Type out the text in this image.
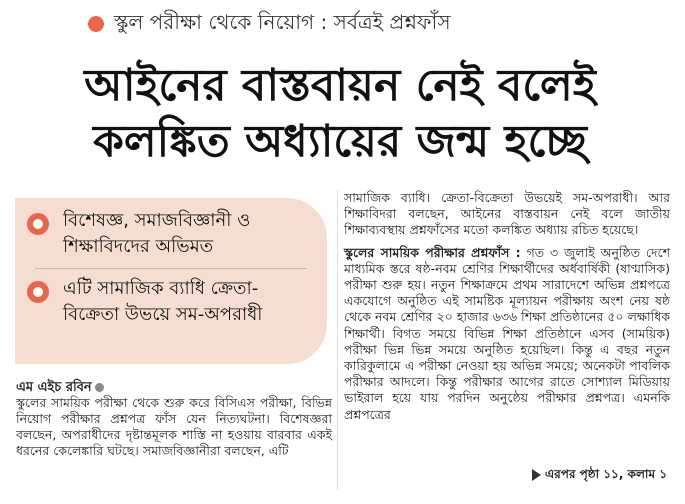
স্কুল পরীক্ষা থেকে নিয়োগ : সর্বত্রই প্রশ্নফাঁস
আইনের বাস্তবায়ন নেই বলেই
কলঙ্কিত অধ্যায়ের জন্ম হচ্ছে
বিশেষজ্ঞ, সমাজবিজ্ঞানী ও শিক্ষাবিদদের অভিমত
এটি সামাজিক ব্যাধি ক্রেতা-বিক্রেতা উভয়ে সম-অপরাধী
এম এইচ রবিন
স্কুলের সাময়িক পরীক্ষা থেকে শুরু করে বিসিএস পরীক্ষা, বিভিন্ন নিয়োগ পরীক্ষার প্রশ্নপত্র ফাঁস যেন নিত্যঘটনা। বিশেষজ্ঞরা বলছেন, অপরাধীদের দৃষ্টান্তমূলক শাস্তি না হওয়ায় বারবার একই ধরনের কেলেঙ্কারি ঘটছে। সমাজবিজ্ঞানীরা বলছেন, এটি

সামাজিক ব্যাধি। ক্রেতা-বিক্রেতা উভয়েই সম-অপরাধী। আর শিক্ষাবিদরা বলছেন, আইনের বাস্তবায়ন নেই বলে জাতীয় শিক্ষাব্যবস্থায় প্রশ্নফাঁসের মতো কলঙ্কিত অধ্যায় রচিত হয়েছে।

স্কুলের সাময়িক পরীক্ষার প্রশ্নফাঁস : গত ৩ জুলাই অনুষ্ঠিত দেশে মাধ্যমিক স্তরে ষষ্ঠ-নবম শ্রেণির শিক্ষার্থীদের অর্ধবার্ষিকী (ষাণ্মাসিক) পরীক্ষা শুরু হয়। নতুন শিক্ষাক্রমে প্রথম সারাদেশে অভিন্ন প্রশ্নপত্রে একযোগে অনুষ্ঠিত এই সামষ্টিক মূল্যায়ন পরীক্ষায় অংশ নেয় ষষ্ঠ থেকে নবম শ্রেণির ২০ হাজার ৬৩৬ শিক্ষা প্রতিষ্ঠানের ৫০ লক্ষাধিক শিক্ষার্থী। বিগত সময়ে বিভিন্ন শিক্ষা প্রতিষ্ঠানে এসব (সাময়িক) পরীক্ষা ভিন্ন ভিন্ন সময়ে অনুষ্ঠিত হয়েছিল। কিন্তু এ বছর নতুন কারিকুলামে এ পরীক্ষা নেওয়া হয় অভিন্ন সময়ে; অনেকটা পাবলিক পরীক্ষার আদলে। কিন্তু পরীক্ষার আগের রাতে সোশ্যাল মিডিয়ায় ভাইরাল হয়ে যায় পরদিন অনুষ্ঠেয় পরীক্ষার প্রশ্নপত্র। এমনকি প্রশ্নপত্রের

এরপর পৃষ্ঠা ১১, কলাম ১
